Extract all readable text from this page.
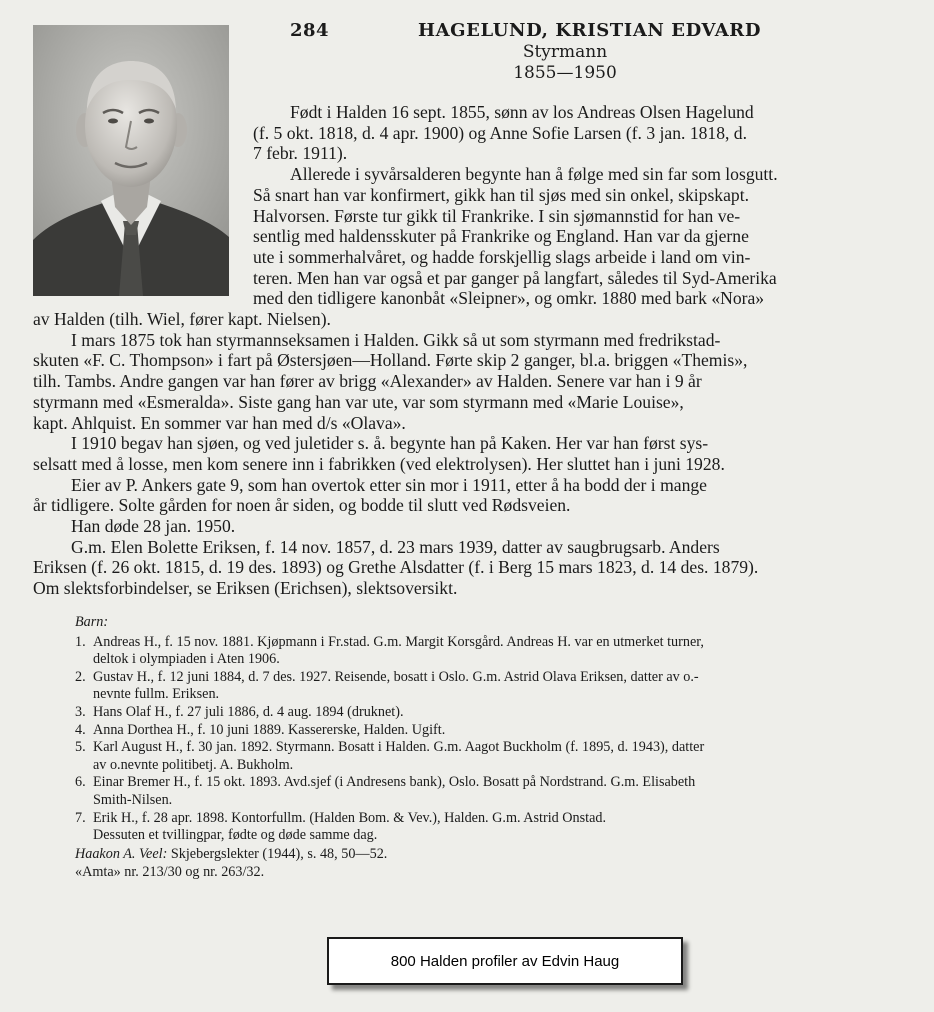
284	HAGELUND, KRISTIAN EDVARD
Styrmann
1855—1950
Født i Halden 16 sept. 1855, sønn av los Andreas Olsen Hagelund
(f. 5 okt. 1818, d. 4 apr. 1900) og Anne Sofie Larsen (f. 3 jan. 1818, d.
7 febr. 1911).
Allerede i syvårsalderen begynte han å følge med sin far som losgutt.
Så snart han var konfirmert, gikk han til sjøs med sin onkel, skipskapt.
Halvorsen. Første tur gikk til Frankrike. I sin sjømannstid for han ve-
sentlig med haldensskuter på Frankrike og England. Han var da gjerne
ute i sommerhalvåret, og hadde forskjellig slags arbeide i land om vin-
teren. Men han var også et par ganger på langfart, således til Syd-Amerika
med den tidligere kanonbåt «Sleipner», og omkr. 1880 med bark «Nora»
av Halden (tilh. Wiel, fører kapt. Nielsen).
I mars 1875 tok han styrmannseksamen i Halden. Gikk så ut som styrmann med fredrikstad-
skuten «F. C. Thompson» i fart på Østersjøen—Holland. Førte skip 2 ganger, bl.a. briggen «Themis»,
tilh. Tambs. Andre gangen var han fører av brigg «Alexander» av Halden. Senere var han i 9 år
styrmann med «Esmeralda». Siste gang han var ute, var som styrmann med «Marie Louise»,
kapt. Ahlquist. En sommer var han med d/s «Olava».
I 1910 begav han sjøen, og ved juletider s. å. begynte han på Kaken. Her var han først sys-
selsatt med å losse, men kom senere inn i fabrikken (ved elektrolysen). Her sluttet han i juni 1928.
Eier av P. Ankers gate 9, som han overtok etter sin mor i 1911, etter å ha bodd der i mange
år tidligere. Solte gården for noen år siden, og bodde til slutt ved Rødsveien.
Han døde 28 jan. 1950.
G.m. Elen Bolette Eriksen, f. 14 nov. 1857, d. 23 mars 1939, datter av saugbrugsarb. Anders
Eriksen (f. 26 okt. 1815, d. 19 des. 1893) og Grethe Alsdatter (f. i Berg 15 mars 1823, d. 14 des. 1879).
Om slektsforbindelser, se Eriksen (Erichsen), slektsoversikt.
Barn:
1. Andreas H., f. 15 nov. 1881. Kjøpmann i Fr.stad. G.m. Margit Korsgård. Andreas H. var en utmerket turner,
deltok i olympiaden i Aten 1906.
2. Gustav H., f. 12 juni 1884, d. 7 des. 1927. Reisende, bosatt i Oslo. G.m. Astrid Olava Eriksen, datter av o.-
nevnte fullm. Eriksen.
3. Hans Olaf H., f. 27 juli 1886, d. 4 aug. 1894 (druknet).
4. Anna Dorthea H., f. 10 juni 1889. Kassererske, Halden. Ugift.
5. Karl August H., f. 30 jan. 1892. Styrmann. Bosatt i Halden. G.m. Aagot Buckholm (f. 1895, d. 1943), datter
av o.nevnte politibetj. A. Bukholm.
6. Einar Bremer H., f. 15 okt. 1893. Avd.sjef (i Andresens bank), Oslo. Bosatt på Nordstrand. G.m. Elisabeth
Smith-Nilsen.
7. Erik H., f. 28 apr. 1898. Kontorfullm. (Halden Bom. & Vev.), Halden. G.m. Astrid Onstad.
Dessuten et tvillingpar, fødte og døde samme dag.
Haakon A. Veel: Skjebergslekter (1944), s. 48, 50—52.
«Amta» nr. 213/30 og nr. 263/32.
800 Halden profiler av Edvin Haug
